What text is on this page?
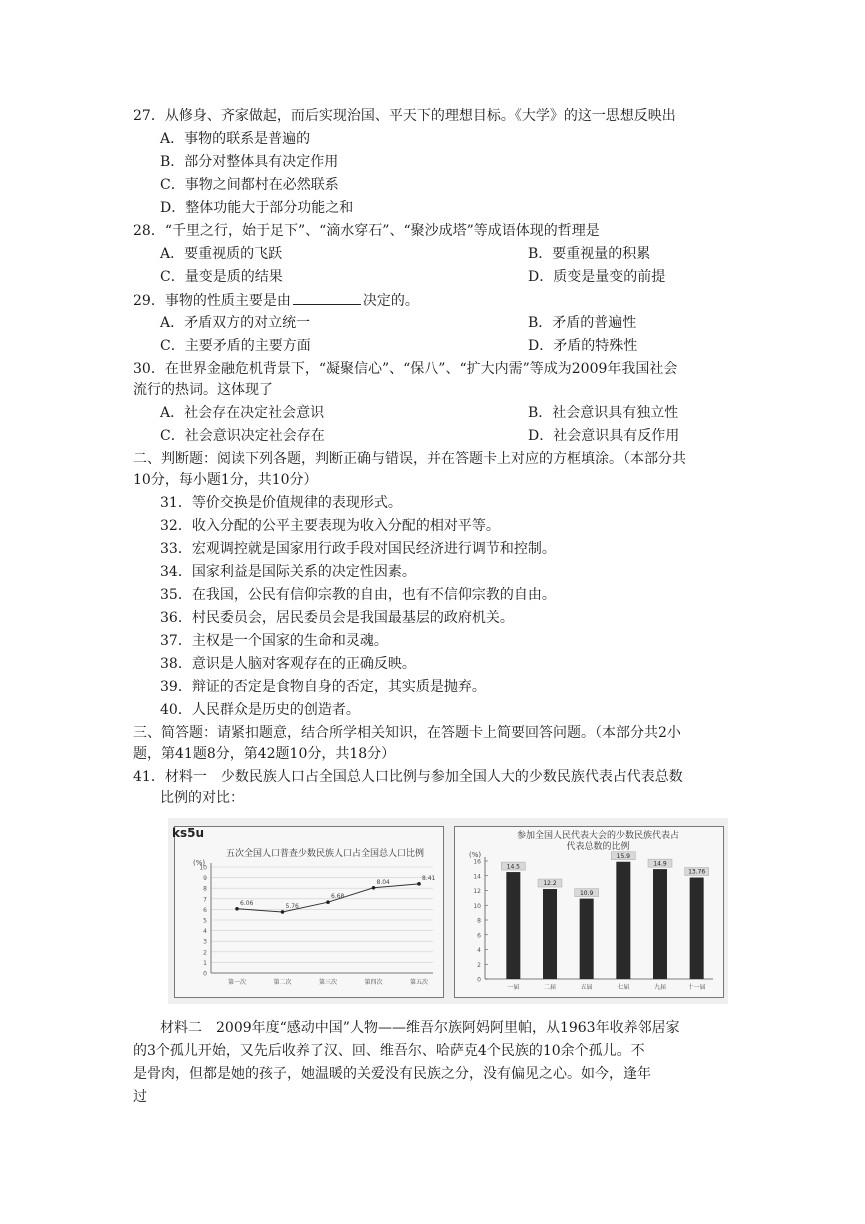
27．从修身、齐家做起，而后实现治国、平天下的理想目标。《大学》的这一思想反映出
A．事物的联系是普遍的
B．部分对整体具有决定作用
C．事物之间都村在必然联系
D．整体功能大于部分功能之和
28．“千里之行，始于足下”、“滴水穿石”、“聚沙成塔”等成语体现的哲理是
A．要重视质的飞跃	B．要重视量的积累
C．量变是质的结果	D．质变是量变的前提
29．事物的性质主要是由	决定的。
A．矛盾双方的对立统一	B．矛盾的普遍性
C．主要矛盾的主要方面	D．矛盾的特殊性
30．在世界金融危机背景下，“凝聚信心”、“保八”、“扩大内需”等成为2009年我国社会
流行的热词。这体现了
A．社会存在决定社会意识	B．社会意识具有独立性
C．社会意识决定社会存在	D．社会意识具有反作用
二、判断题：阅读下列各题，判断正确与错误，并在答题卡上对应的方框填涂。（本部分共
10分，每小题1分，共10分）
31．等价交换是价值规律的表现形式。
32．收入分配的公平主要表现为收入分配的相对平等。
33．宏观调控就是国家用行政手段对国民经济进行调节和控制。
34．国家利益是国际关系的决定性因素。
35．在我国，公民有信仰宗教的自由，也有不信仰宗教的自由。
36．村民委员会，居民委员会是我国最基层的政府机关。
37．主权是一个国家的生命和灵魂。
38．意识是人脑对客观存在的正确反映。
39．辩证的否定是食物自身的否定，其实质是抛弃。
40．人民群众是历史的创造者。
三、简答题：请紧扣题意，结合所学相关知识，在答题卡上简要回答问题。（本部分共2小
题，第41题8分，第42题10分，共18分）
41．材料一　少数民族人口占全国总人口比例与参加全国人大的少数民族代表占代表总数
比例的对比：
五次全国人口普查少数民族人口占全国总人口比例
(%)
0
1
2
3
4
5
6
7
8
9
10
6.06
第一次
5.76
第二次
6.68
第三次
8.04
第四次
8.41
第五次
ks5u	参加全国人民代表大会的少数民族代表占代表总数的比例
(%)
0
2
4
6
8
10
12
14
16
14.5
一届
12.2
二届
10.9
五届
15.9
七届
14.9
九届
13.76
十一届
材料二　2009年度“感动中国”人物——维吾尔族阿妈阿里帕，从1963年收养邻居家
的3个孤儿开始，又先后收养了汉、回、维吾尔、哈萨克4个民族的10余个孤儿。不
是骨肉，但都是她的孩子，她温暖的关爱没有民族之分，没有偏见之心。如今，逢年
过
